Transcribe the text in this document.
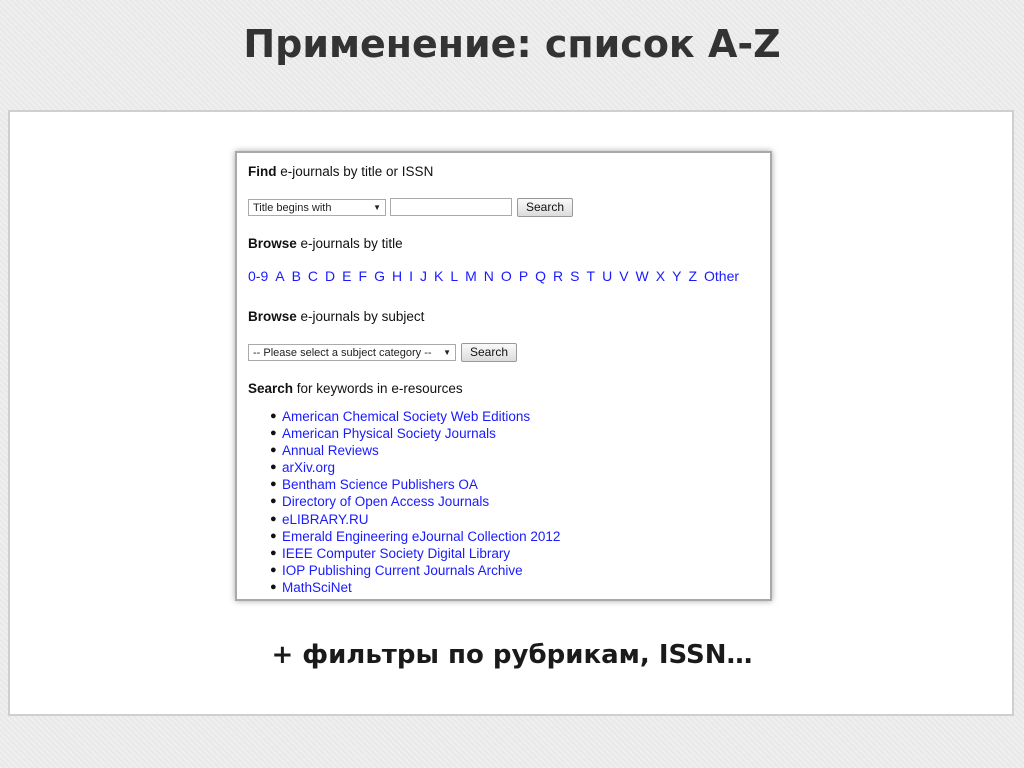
Применение: список A-Z
Find e-journals by title or ISSN
Title begins with	▼	Search
Browse e-journals by title
0-9 A B C D E F G H I J K L M N O P Q R S T U V W X Y Z Other
Browse e-journals by subject
-- Please select a subject category -- ▼	Search
Search for keywords in e-resources
● American Chemical Society Web Editions
● American Physical Society Journals
● Annual Reviews
● arXiv.org
● Bentham Science Publishers OA
● Directory of Open Access Journals
● eLIBRARY.RU
● Emerald Engineering eJournal Collection 2012
● IEEE Computer Society Digital Library
● IOP Publishing Current Journals Archive
● MathSciNet
+ фильтры по рубрикам, ISSN…
